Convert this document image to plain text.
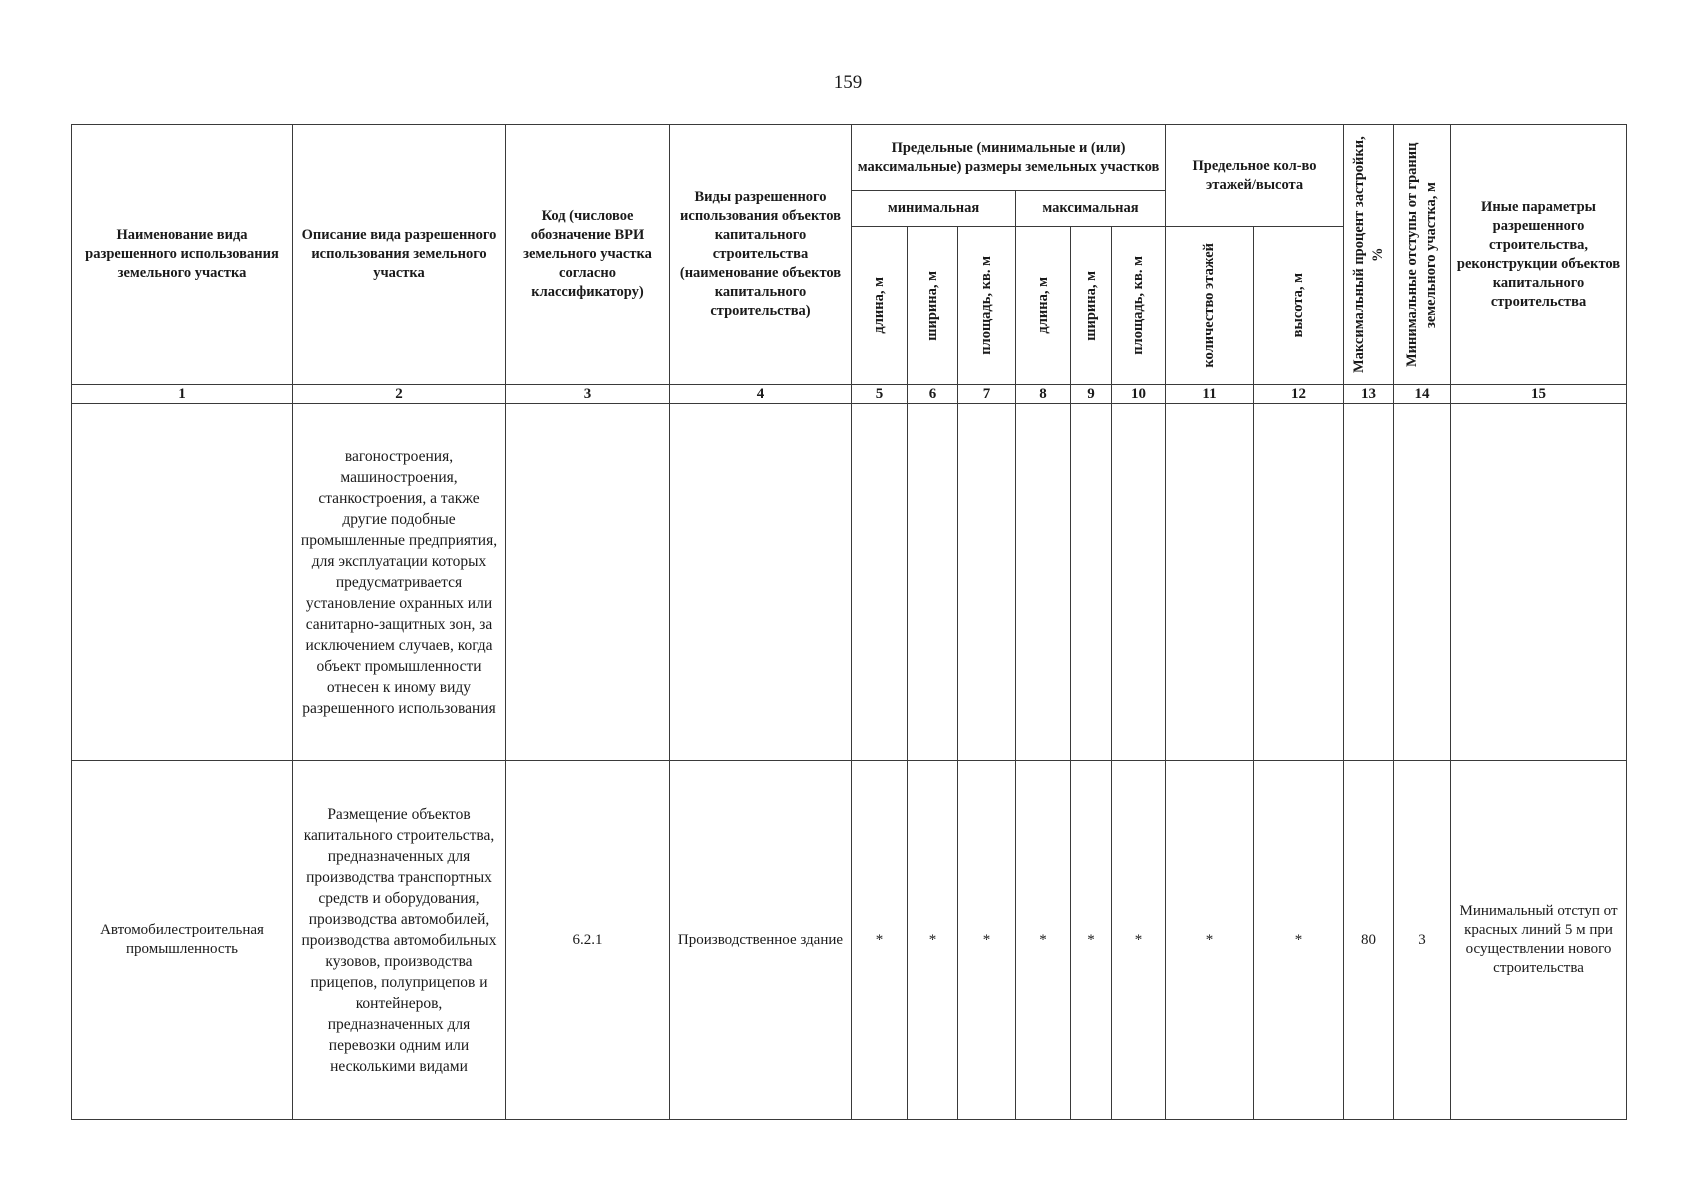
159
Наименование вида разрешенного использования земельного участка	Описание вида разрешенного использования земельного участка	Код (числовое обозначение ВРИ земельного участка согласно классификатору)	Виды разрешенного использования объектов капитального строительства (наименование объектов капитального строительства)	Предельные (минимальные и (или) максимальные) размеры земельных участков						Предельное кол-во этажей/высота		Максимальный процент застройки, %	Минимальные отступы от границ земельного участка, м	Иные параметры разрешенного строительства, реконструкции объектов капитального строительства
				минимальная			максимальная							

				длина, м	ширина, м	площадь, кв. м	длина, м	ширина, м	площадь, кв. м	количество этажей	высота, м			

1	2	3	4	5	6	7	8	9	10	11	12	13	14	15
	вагоностроения, машиностроения, станкостроения, а также другие подобные промышленные предприятия, для эксплуатации которых предусматривается установление охранных или санитарно-защитных зон, за исключением случаев, когда объект промышленности отнесен к иному виду разрешенного использования													
Автомобилестроительная промышленность	Размещение объектов капитального строительства, предназначенных для производства транспортных средств и оборудования, производства автомобилей, производства автомобильных кузовов, производства прицепов, полуприцепов и контейнеров, предназначенных для перевозки одним или несколькими видами	6.2.1	Производственное здание	*	*	*	*	*	*	*	*	80	3	Минимальный отступ от красных линий 5 м при осуществлении нового строительства
